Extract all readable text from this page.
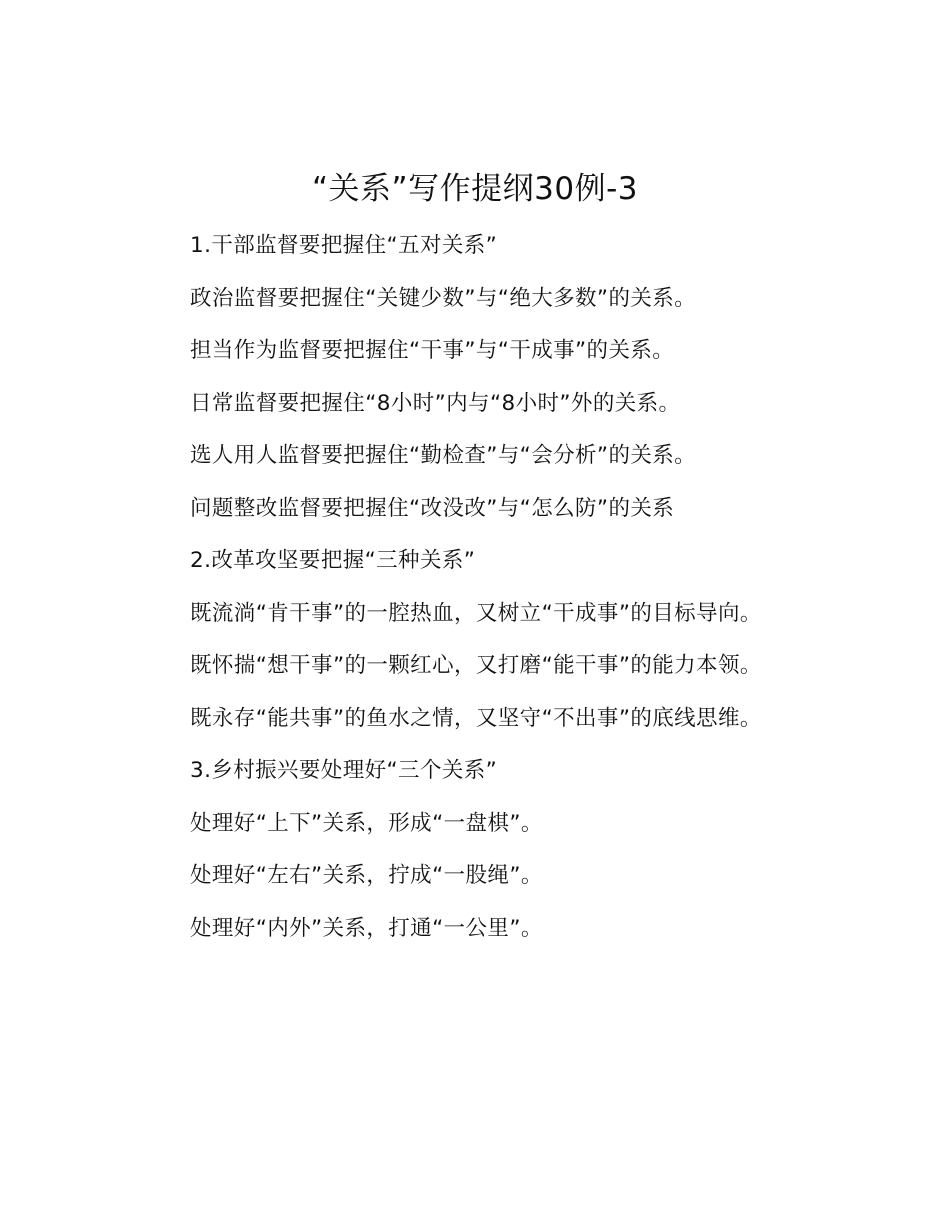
“关系”写作提纲30例-3

1.干部监督要把握住“五对关系”

政治监督要把握住“关键少数”与“绝大多数”的关系。

担当作为监督要把握住“干事”与“干成事”的关系。

日常监督要把握住“8小时”内与“8小时”外的关系。

选人用人监督要把握住“勤检查”与“会分析”的关系。

问题整改监督要把握住“改没改”与“怎么防”的关系

2.改革攻坚要把握“三种关系”

既流淌“肯干事”的一腔热血，又树立“干成事”的目标导向。

既怀揣“想干事”的一颗红心，又打磨“能干事”的能力本领。

既永存“能共事”的鱼水之情，又坚守“不出事”的底线思维。

3.乡村振兴要处理好“三个关系”

处理好“上下”关系，形成“一盘棋”。

处理好“左右”关系，拧成“一股绳”。

处理好“内外”关系，打通“一公里”。
